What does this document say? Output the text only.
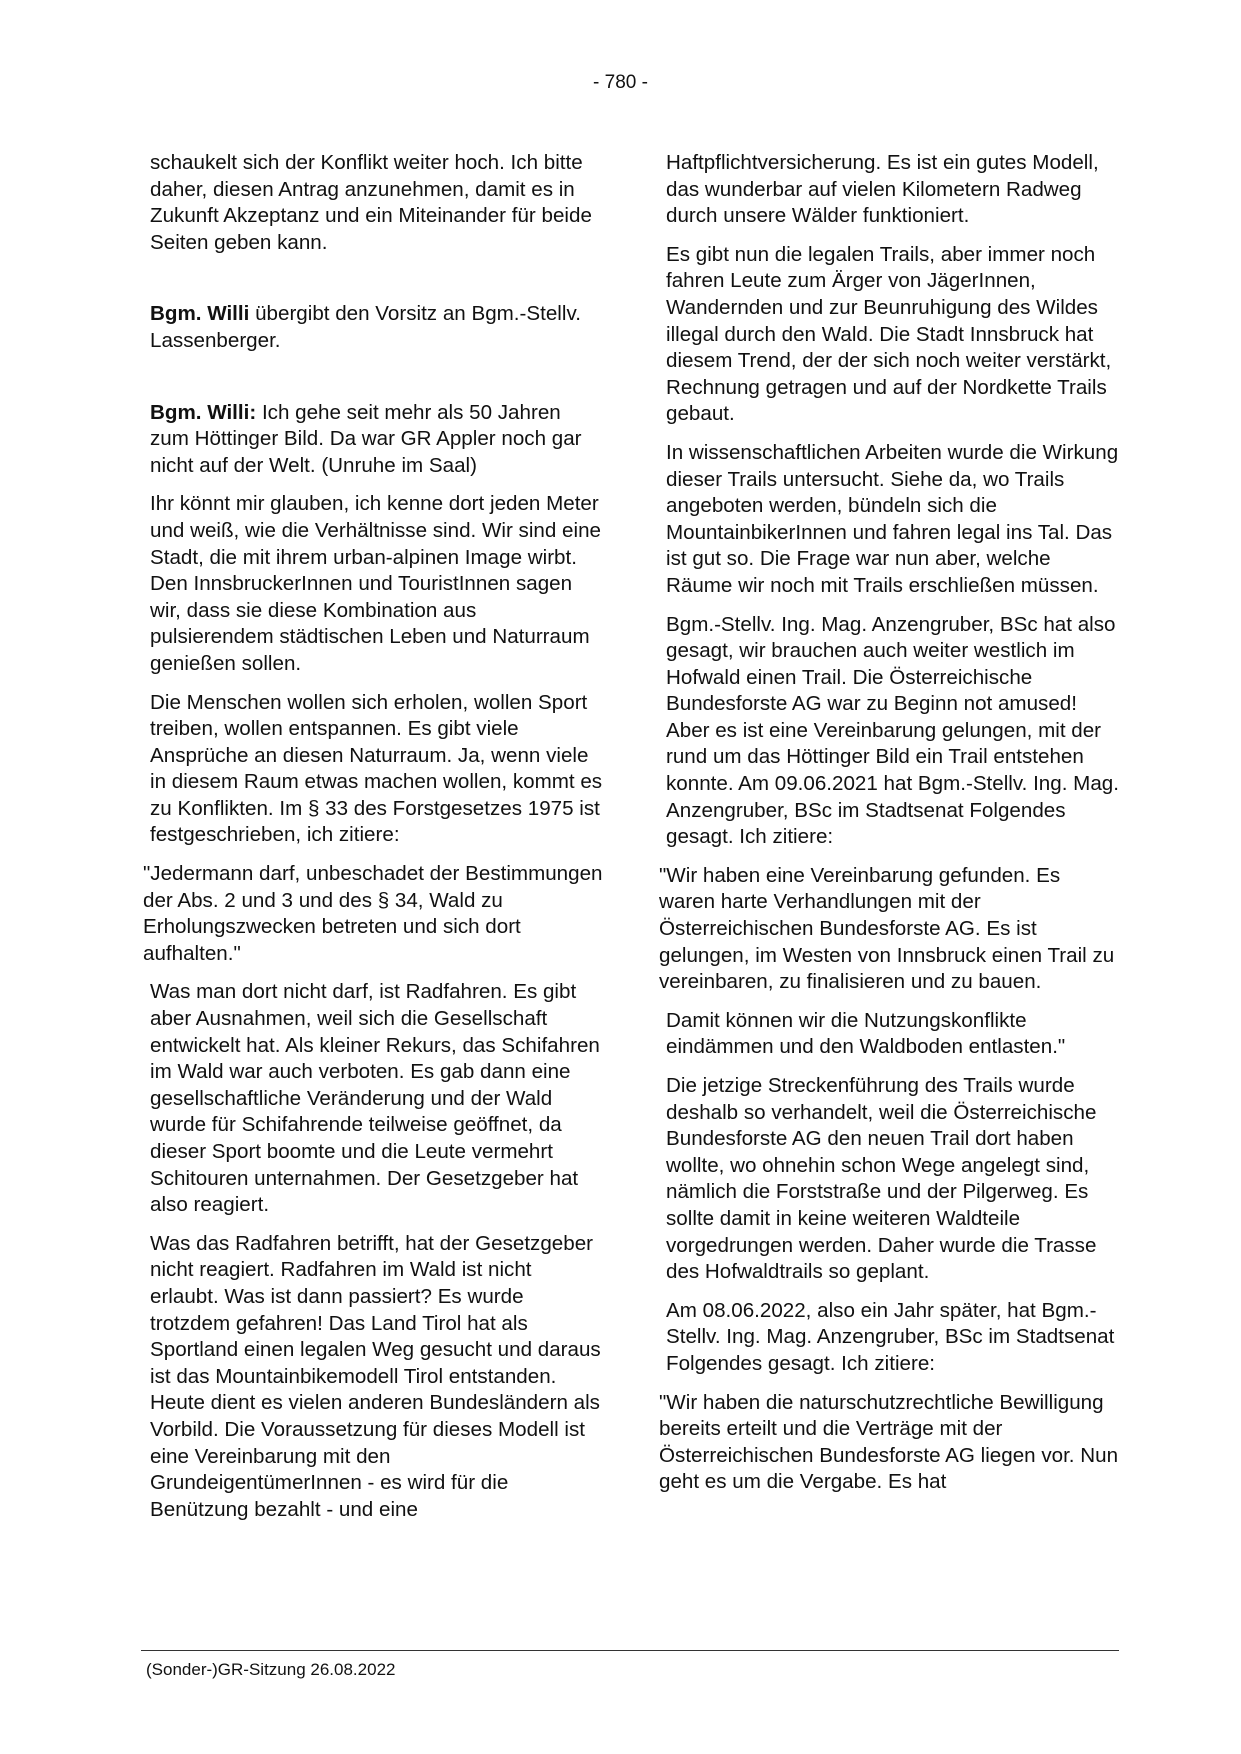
- 780 -

schaukelt sich der Konflikt weiter hoch. Ich bitte daher, diesen Antrag anzunehmen, damit es in Zukunft Akzeptanz und ein Miteinander für beide Seiten geben kann.

Bgm. Willi übergibt den Vorsitz an Bgm.-Stellv. Lassenberger.

Bgm. Willi: Ich gehe seit mehr als 50 Jahren zum Höttinger Bild. Da war GR Appler noch gar nicht auf der Welt. (Unruhe im Saal)

Ihr könnt mir glauben, ich kenne dort jeden Meter und weiß, wie die Verhältnisse sind. Wir sind eine Stadt, die mit ihrem urban-alpinen Image wirbt. Den InnsbruckerInnen und TouristInnen sagen wir, dass sie diese Kombination aus pulsierendem städtischen Leben und Naturraum genießen sollen.

Die Menschen wollen sich erholen, wollen Sport treiben, wollen entspannen. Es gibt viele Ansprüche an diesen Naturraum. Ja, wenn viele in diesem Raum etwas machen wollen, kommt es zu Konflikten. Im § 33 des Forstgesetzes 1975 ist festgeschrieben, ich zitiere:

"Jedermann darf, unbeschadet der Bestimmungen der Abs. 2 und 3 und des § 34, Wald zu Erholungszwecken betreten und sich dort aufhalten."

Was man dort nicht darf, ist Radfahren. Es gibt aber Ausnahmen, weil sich die Gesellschaft entwickelt hat. Als kleiner Rekurs, das Schifahren im Wald war auch verboten. Es gab dann eine gesellschaftliche Veränderung und der Wald wurde für Schifahrende teilweise geöffnet, da dieser Sport boomte und die Leute vermehrt Schitouren unternahmen. Der Gesetzgeber hat also reagiert.

Was das Radfahren betrifft, hat der Gesetzgeber nicht reagiert. Radfahren im Wald ist nicht erlaubt. Was ist dann passiert? Es wurde trotzdem gefahren! Das Land Tirol hat als Sportland einen legalen Weg gesucht und daraus ist das Mountainbikemodell Tirol entstanden. Heute dient es vielen anderen Bundesländern als Vorbild. Die Voraussetzung für dieses Modell ist eine Vereinbarung mit den GrundeigentümerInnen - es wird für die Benützung bezahlt - und eine

Haftpflichtversicherung. Es ist ein gutes Modell, das wunderbar auf vielen Kilometern Radweg durch unsere Wälder funktioniert.

Es gibt nun die legalen Trails, aber immer noch fahren Leute zum Ärger von JägerInnen, Wandernden und zur Beunruhigung des Wildes illegal durch den Wald. Die Stadt Innsbruck hat diesem Trend, der der sich noch weiter verstärkt, Rechnung getragen und auf der Nordkette Trails gebaut.

In wissenschaftlichen Arbeiten wurde die Wirkung dieser Trails untersucht. Siehe da, wo Trails angeboten werden, bündeln sich die MountainbikerInnen und fahren legal ins Tal. Das ist gut so. Die Frage war nun aber, welche Räume wir noch mit Trails erschließen müssen.

Bgm.-Stellv. Ing. Mag. Anzengruber, BSc hat also gesagt, wir brauchen auch weiter westlich im Hofwald einen Trail. Die Österreichische Bundesforste AG war zu Beginn not amused! Aber es ist eine Vereinbarung gelungen, mit der rund um das Höttinger Bild ein Trail entstehen konnte. Am 09.06.2021 hat Bgm.-Stellv. Ing. Mag. Anzengruber, BSc im Stadtsenat Folgendes gesagt. Ich zitiere:

"Wir haben eine Vereinbarung gefunden. Es waren harte Verhandlungen mit der Österreichischen Bundesforste AG. Es ist gelungen, im Westen von Innsbruck einen Trail zu vereinbaren, zu finalisieren und zu bauen.

Damit können wir die Nutzungskonflikte eindämmen und den Waldboden entlasten."

Die jetzige Streckenführung des Trails wurde deshalb so verhandelt, weil die Österreichische Bundesforste AG den neuen Trail dort haben wollte, wo ohnehin schon Wege angelegt sind, nämlich die Forststraße und der Pilgerweg. Es sollte damit in keine weiteren Waldteile vorgedrungen werden. Daher wurde die Trasse des Hofwaldtrails so geplant.

Am 08.06.2022, also ein Jahr später, hat Bgm.-Stellv. Ing. Mag. Anzengruber, BSc im Stadtsenat Folgendes gesagt. Ich zitiere:

"Wir haben die naturschutzrechtliche Bewilligung bereits erteilt und die Verträge mit der Österreichischen Bundesforste AG liegen vor. Nun geht es um die Vergabe. Es hat

(Sonder-)GR-Sitzung 26.08.2022
